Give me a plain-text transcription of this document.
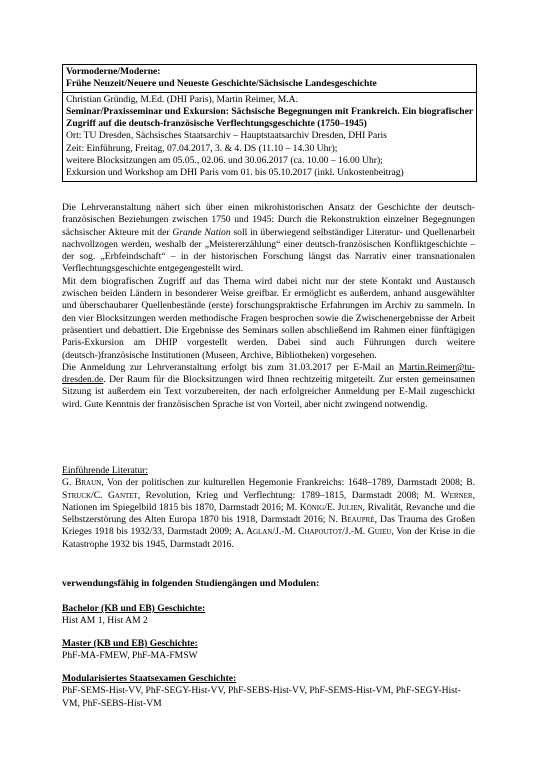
Vormoderne/Moderne:
Frühe Neuzeit/Neuere und Neueste Geschichte/Sächsische Landesgeschichte
Christian Gründig, M.Ed. (DHI Paris), Martin Reimer, M.A.
Seminar/Praxisseminar und Exkursion: Sächsische Begegnungen mit Frankreich. Ein biografischer Zugriff auf die deutsch-französische Verflechtungsgeschichte (1750–1945)
Ort: TU Dresden, Sächsisches Staatsarchiv – Hauptstaatsarchiv Dresden, DHI Paris
Zeit: Einführung, Freitag, 07.04.2017, 3. & 4. DS (11.10 – 14.30 Uhr);
weitere Blocksitzungen am 05.05., 02.06. und 30.06.2017 (ca. 10.00 – 16.00 Uhr);
Exkursion und Workshop am DHI Paris vom 01. bis 05.10.2017 (inkl. Unkostenbeitrag)

Die Lehrveranstaltung nähert sich über einen mikrohistorischen Ansatz der Geschichte der deutsch-französischen Beziehungen zwischen 1750 und 1945: Durch die Rekonstruktion einzelner Begegnungen sächsischer Akteure mit der Grande Nation soll in überwiegend selbständiger Literatur- und Quellenarbeit nachvollzogen werden, weshalb der „Meistererzählung“ einer deutsch-französischen Konfliktgeschichte – der sog. „Erbfeindschaft“ – in der historischen Forschung längst das Narrativ einer transnationalen Verflechtungsgeschichte entgegengestellt wird.

Mit dem biografischen Zugriff auf das Thema wird dabei nicht nur der stete Kontakt und Austausch zwischen beiden Ländern in besonderer Weise greifbar. Er ermöglicht es außerdem, anhand ausgewählter und überschaubarer Quellenbestände (erste) forschungspraktische Erfahrungen im Archiv zu sammeln. In den vier Blocksitzungen werden methodische Fragen besprochen sowie die Zwischenergebnisse der Arbeit präsentiert und debattiert. Die Ergebnisse des Seminars sollen abschließend im Rahmen einer fünftägigen Paris-Exkursion am DHIP vorgestellt werden. Dabei sind auch Führungen durch weitere (deutsch-)französische Institutionen (Museen, Archive, Bibliotheken) vorgesehen.

Die Anmeldung zur Lehrveranstaltung erfolgt bis zum 31.03.2017 per E-Mail an Martin.Reimer@tu-dresden.de. Der Raum für die Blocksitzungen wird Ihnen rechtzeitig mitgeteilt. Zur ersten gemeinsamen Sitzung ist außerdem ein Text vorzubereiten, der nach erfolgreicher Anmeldung per E-Mail zugeschickt wird. Gute Kenntnis der französischen Sprache ist von Vorteil, aber nicht zwingend notwendig.

Einführende Literatur:
G. Braun, Von der politischen zur kulturellen Hegemonie Frankreichs: 1648–1789, Darmstadt 2008; B. Struck/C. Gantet, Revolution, Krieg und Verflechtung: 1789–1815, Darmstadt 2008; M. Werner, Nationen im Spiegelbild 1815 bis 1870, Darmstadt 2016; M. König/E. Julien, Rivalität, Revanche und die Selbstzerstörung des Alten Europa 1870 bis 1918, Darmstadt 2016; N. Beaupré, Das Trauma des Großen Krieges 1918 bis 1932/33, Darmstadt 2009; A. Aglan/J.-M. Chapoutot/J.-M. Guieu, Von der Krise in die Katastrophe 1932 bis 1945, Darmstadt 2016.
verwendungsfähig in folgenden Studiengängen und Modulen:
Bachelor (KB und EB) Geschichte:
Hist AM 1, Hist AM 2
Master (KB und EB) Geschichte:
PhF-MA-FMEW, PhF-MA-FMSW
Modularisiertes Staatsexamen Geschichte:
PhF-SEMS-Hist-VV, PhF-SEGY-Hist-VV, PhF-SEBS-Hist-VV, PhF-SEMS-Hist-VM, PhF-SEGY-Hist-VM, PhF-SEBS-Hist-VM
